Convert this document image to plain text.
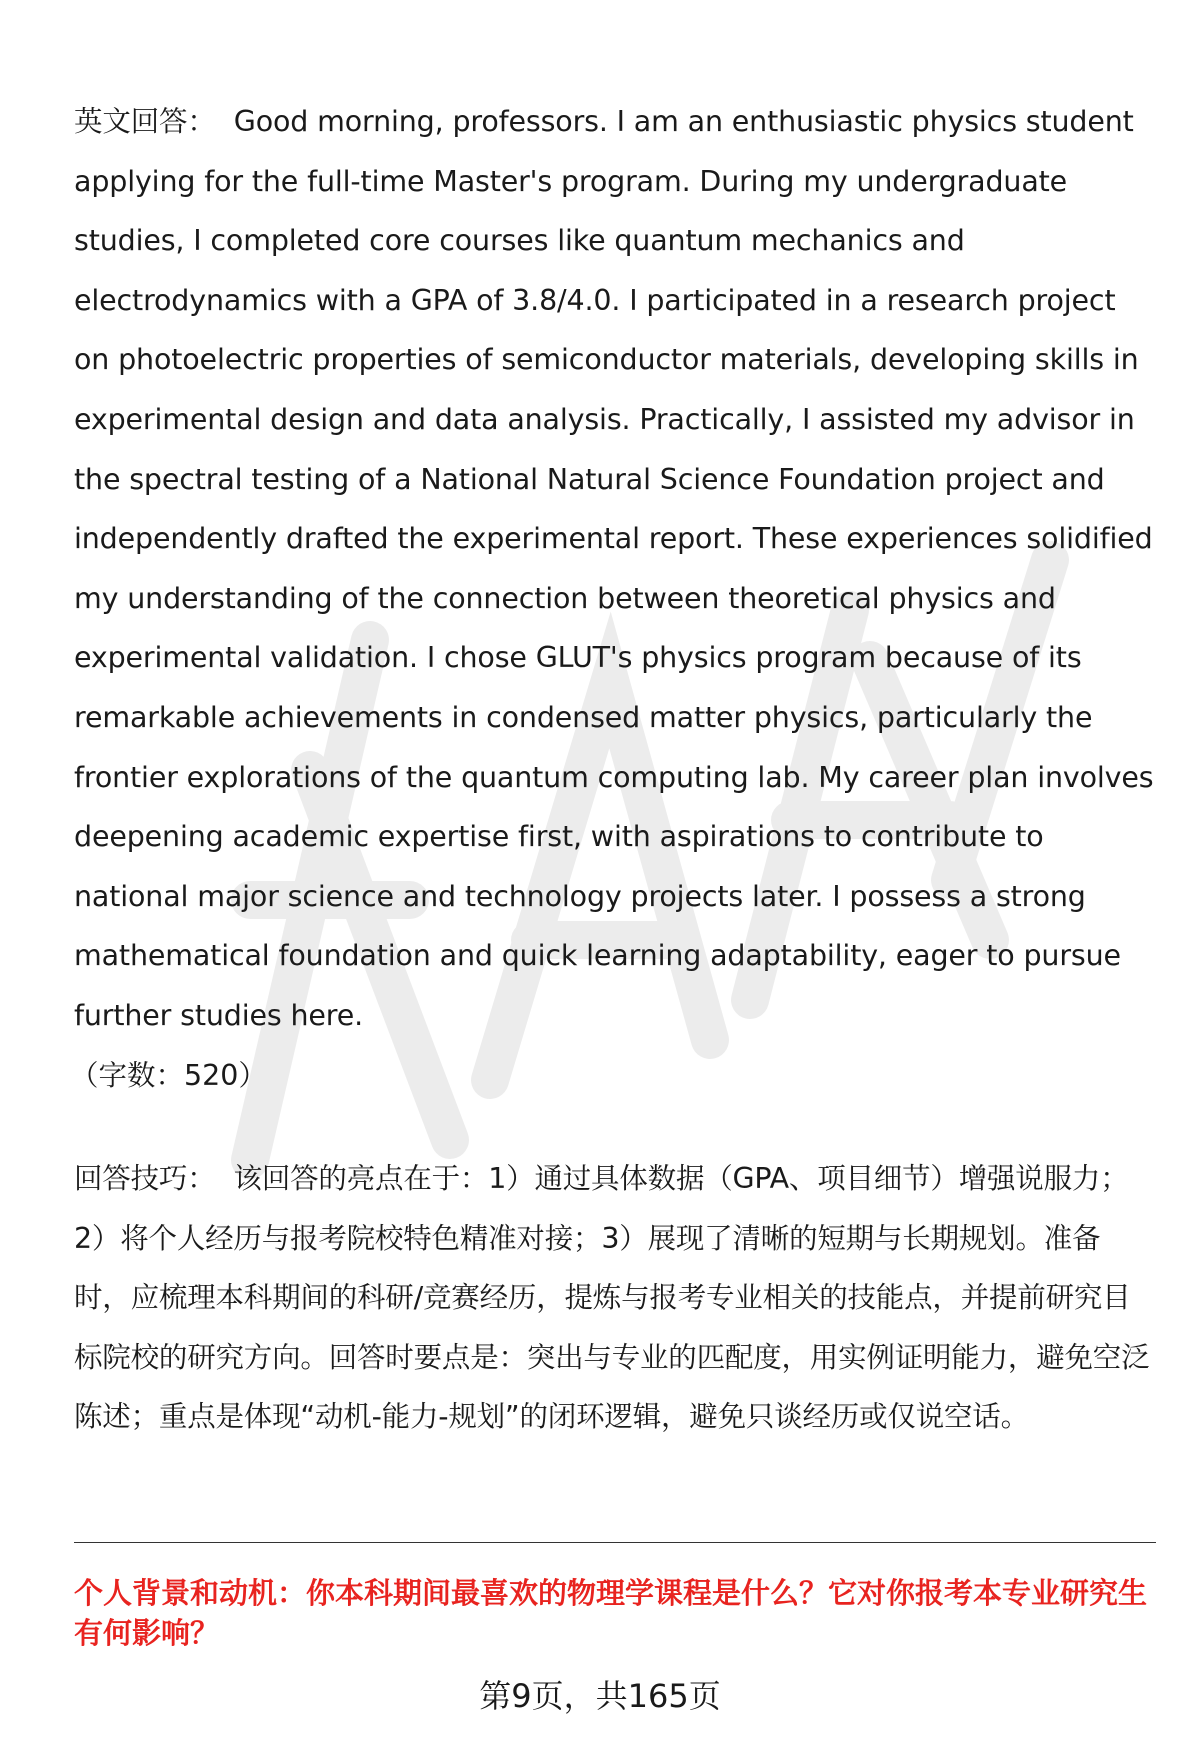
英文回答： Good morning, professors. I am an enthusiastic physics student applying for the full-time Master's program. During my undergraduate studies, I completed core courses like quantum mechanics and electrodynamics with a GPA of 3.8/4.0. I participated in a research project on photoelectric properties of semiconductor materials, developing skills in experimental design and data analysis. Practically, I assisted my advisor in the spectral testing of a National Natural Science Foundation project and independently drafted the experimental report. These experiences solidified my understanding of the connection between theoretical physics and experimental validation. I chose GLUT's physics program because of its remarkable achievements in condensed matter physics, particularly the frontier explorations of the quantum computing lab. My career plan involves deepening academic expertise first, with aspirations to contribute to national major science and technology projects later. I possess a strong mathematical foundation and quick learning adaptability, eager to pursue further studies here.

（字数：520）

回答技巧： 该回答的亮点在于：1）通过具体数据（GPA、项目细节）增强说服力；2）将个人经历与报考院校特色精准对接；3）展现了清晰的短期与长期规划。准备时，应梳理本科期间的科研/竞赛经历，提炼与报考专业相关的技能点，并提前研究目标院校的研究方向。回答时要点是：突出与专业的匹配度，用实例证明能力，避免空泛陈述；重点是体现“动机-能力-规划”的闭环逻辑，避免只谈经历或仅说空话。

个人背景和动机：你本科期间最喜欢的物理学课程是什么？它对你报考本专业研究生有何影响？

第9页，共165页
